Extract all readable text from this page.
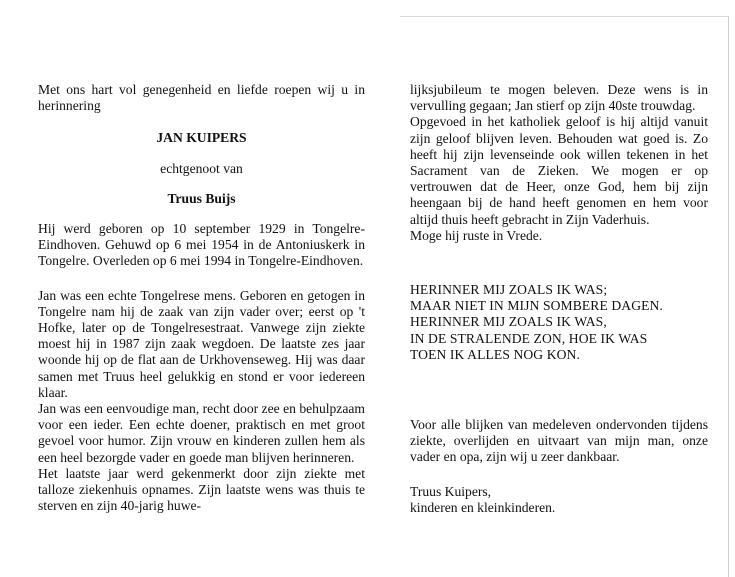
Met ons hart vol genegenheid en liefde roepen wij u in herinnering

JAN KUIPERS

echtgenoot van

Truus Buijs

Hij werd geboren op 10 september 1929 in Tongelre-Eindhoven. Gehuwd op 6 mei 1954 in de Antoniuskerk in Tongelre. Overleden op 6 mei 1994 in Tongelre-Eindhoven.

Jan was een echte Tongelrese mens. Geboren en getogen in Tongelre nam hij de zaak van zijn vader over; eerst op 't Hofke, later op de Tongelresestraat. Vanwege zijn ziekte moest hij in 1987 zijn zaak wegdoen. De laatste zes jaar woonde hij op de flat aan de Urkhovenseweg. Hij was daar samen met Truus heel gelukkig en stond er voor iedereen klaar.

Jan was een eenvoudige man, recht door zee en behulpzaam voor een ieder. Een echte doener, praktisch en met groot gevoel voor humor. Zijn vrouw en kinderen zullen hem als een heel bezorgde vader en goede man blijven herinneren.

Het laatste jaar werd gekenmerkt door zijn ziekte met talloze ziekenhuis opnames. Zijn laatste wens was thuis te sterven en zijn 40-jarig huwe-

lijksjubileum te mogen beleven. Deze wens is in vervulling gegaan; Jan stierf op zijn 40ste trouwdag.

Opgevoed in het katholiek geloof is hij altijd vanuit zijn geloof blijven leven. Behouden wat goed is. Zo heeft hij zijn levenseinde ook willen tekenen in het Sacrament van de Zieken. We mogen er op vertrouwen dat de Heer, onze God, hem bij zijn heengaan bij de hand heeft genomen en hem voor altijd thuis heeft gebracht in Zijn Vaderhuis.

Moge hij ruste in Vrede.

HERINNER MIJ ZOALS IK WAS;
MAAR NIET IN MIJN SOMBERE DAGEN.
HERINNER MIJ ZOALS IK WAS,
IN DE STRALENDE ZON, HOE IK WAS
TOEN IK ALLES NOG KON.

Voor alle blijken van medeleven ondervonden tijdens ziekte, overlijden en uitvaart van mijn man, onze vader en opa, zijn wij u zeer dankbaar.

Truus Kuipers,

kinderen en kleinkinderen.
